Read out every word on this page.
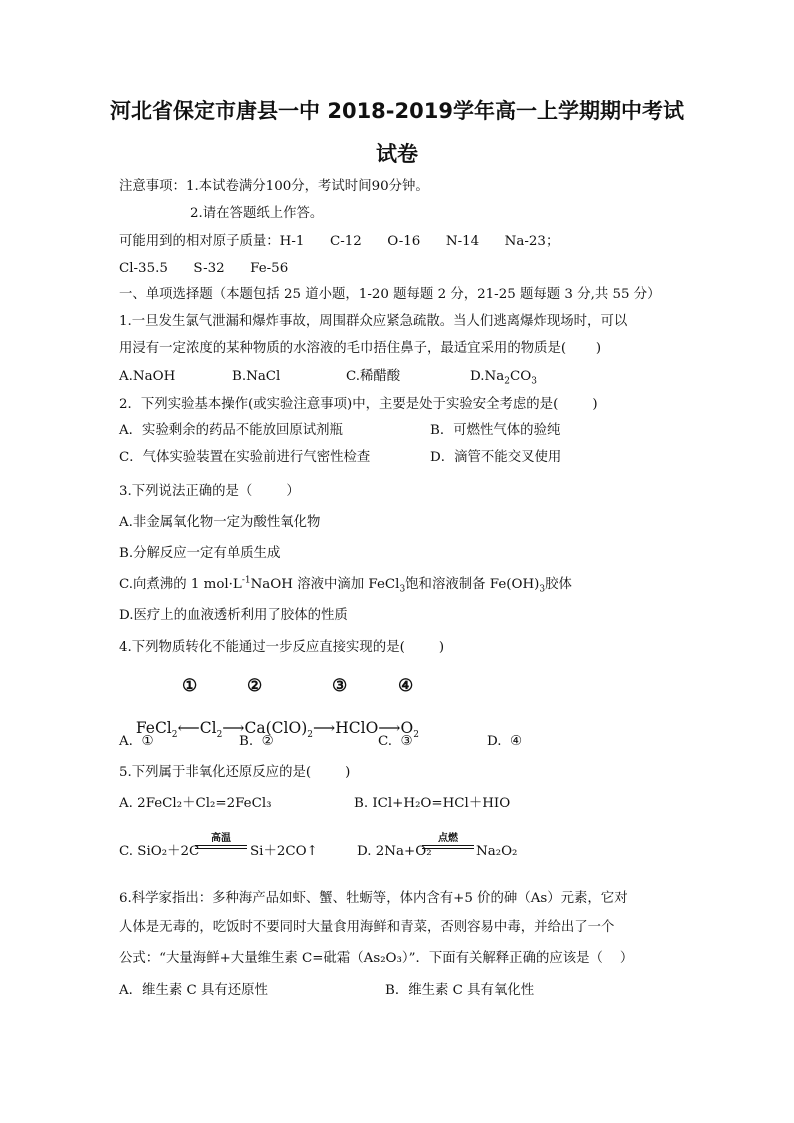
河北省保定市唐县一中 2018-2019学年高一上学期期中考试
试卷
注意事项：1.本试卷满分100分，考试时间90分钟。
2.请在答题纸上作答。
可能用到的相对原子质量：H-1      C-12      O-16      N-14      Na-23；
Cl-35.5      S-32      Fe-56
一、单项选择题（本题包括 25 道小题，1-20 题每题 2 分，21-25 题每题 3 分,共 55 分）
1.一旦发生氯气泄漏和爆炸事故，周围群众应紧急疏散。当人们逃离爆炸现场时，可以
用浸有一定浓度的某种物质的水溶液的毛巾捂住鼻子，最适宜采用的物质是(       )
A.NaOH	B.NaCl	C.稀醋酸	$D.Na_2CO_3$
2．下列实验基本操作(或实验注意事项)中，主要是处于实验安全考虑的是(        )
A．实验剩余的药品不能放回原试剂瓶	B．可燃性气体的验纯
C．气体实验装置在实验前进行气密性检查	D．滴管不能交叉使用
3.下列说法正确的是（        ）
A.非金属氧化物一定为酸性氧化物
B.分解反应一定有单质生成
C.向煮沸的 1 $mol\cdot L^{-1}NaOH$ 溶液中滴加 FeCl$_3$饱和溶液制备 $Fe(OH)_3$胶体
D.医疗上的血液透析利用了胶体的性质
4.下列物质转化不能通过一步反应直接实现的是(        )
①	②	③	④

$FeCl_2⟵Cl_2⟶Ca(ClO)_2⟶HClO⟶O_2$

A.  ①	B.  ②	C.  ③	D.  ④
5.下列属于非氧化还原反应的是(        )
A. 2FeCl₂＋Cl₂=2FeCl₃	B. ICl+H₂O=HCl＋HIO
C. SiO₂＋2C
高温
Si＋2CO↑	D. 2Na+O₂
点燃
Na₂O₂
6.科学家指出：多种海产品如虾、蟹、牡蛎等，体内含有+5 价的砷（As）元素，它对
人体是无毒的，吃饭时不要同时大量食用海鲜和青菜，否则容易中毒，并给出了一个
公式：“大量海鲜+大量维生素 C=砒霜（As₂O₃）”．下面有关解释正确的应该是（    ）
A．维生素 C 具有还原性	B．维生素 C 具有氧化性
